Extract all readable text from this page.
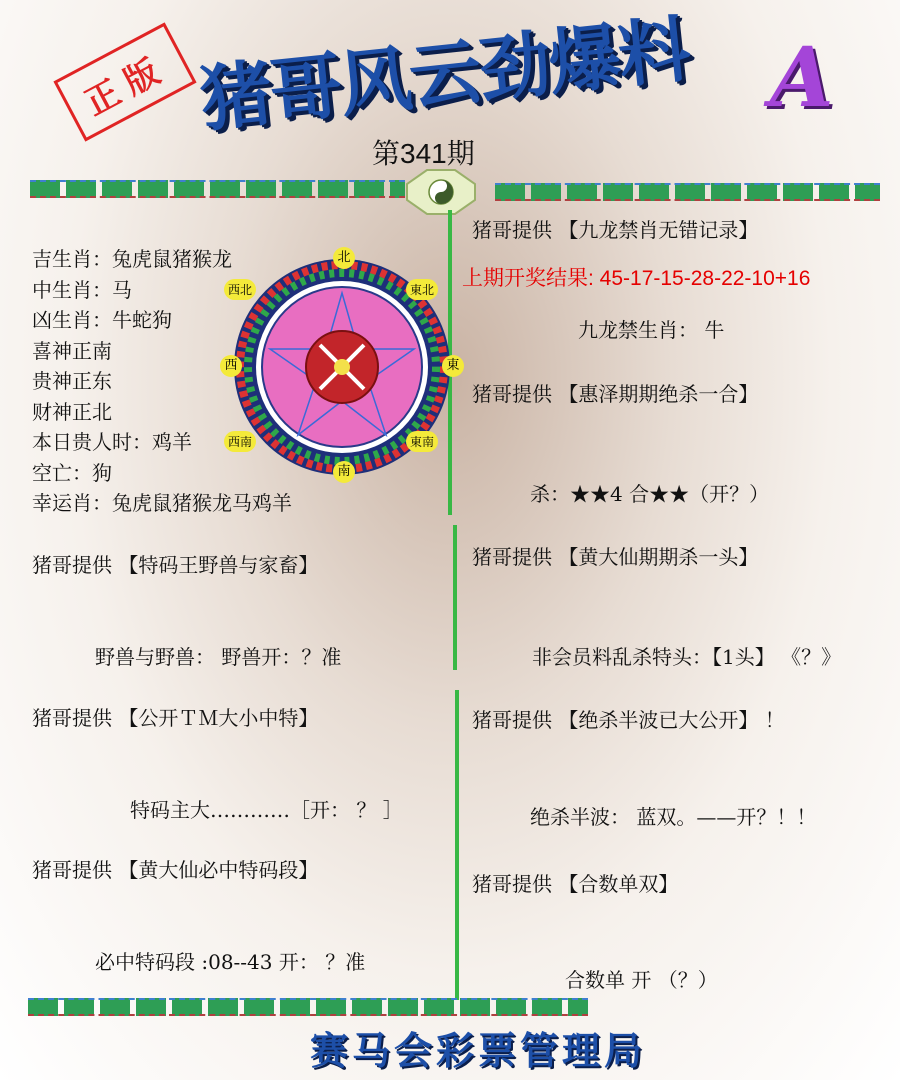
正版 猪哥风云劲爆料 A
第341期
吉生肖：兔虎鼠猪猴龙
中生肖：马
凶生肖：牛蛇狗
喜神正南
贵神正东
财神正北
本日贵人时：鸡羊
空亡：狗
幸运肖：兔虎鼠猪猴龙马鸡羊
北
東北
東
東南
南
西南
西
西北
猪哥提供 【九龙禁肖无错记录】
上期开奖结果: 45-17-15-28-22-10+16
九龙禁生肖： 牛
猪哥提供 【惠泽期期绝杀一合】
杀：★★4 合★★（开？）
猪哥提供 【黄大仙期期杀一头】
非会员料乱杀特头：【1头】 《？》
猪哥提供 【绝杀半波已大公开】 ！
绝杀半波： 蓝双。——开？！！
猪哥提供 【合数单双】
合数单 开 （？）
猪哥提供 【特码王野兽与家畜】
野兽与野兽： 野兽开：？准
猪哥提供 【公开ＴＭ大小中特】
特码主大…………［开： ？ ］
猪哥提供 【黄大仙必中特码段】
必中特码段 :08--43 开： ？准
赛马会彩票管理局
